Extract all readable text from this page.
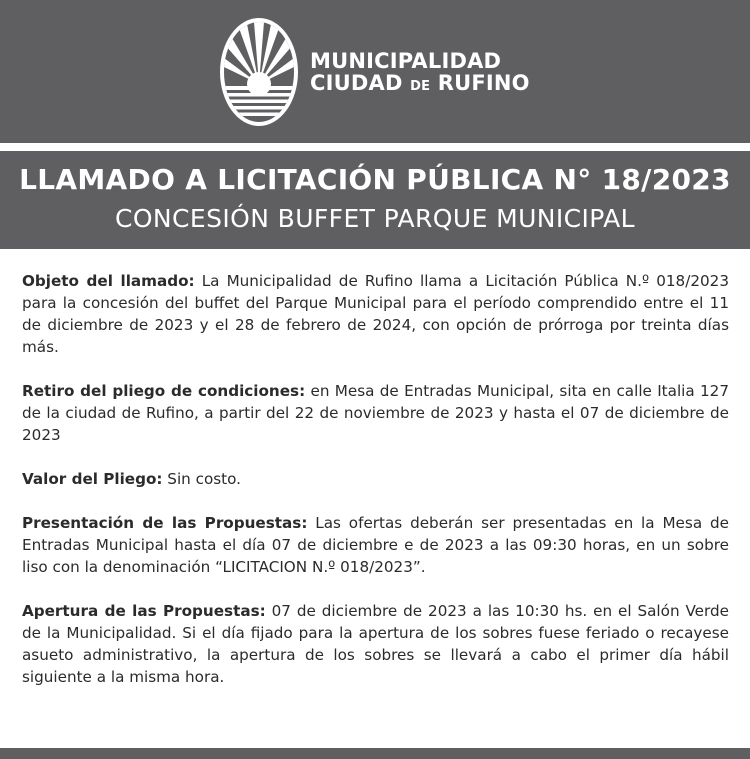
MUNICIPALIDAD
CIUDAD DE RUFINO
LLAMADO A LICITACIÓN PÚBLICA N° 18/2023
CONCESIÓN BUFFET PARQUE MUNICIPAL

Objeto del llamado: La Municipalidad de Rufino llama a Licitación Pública N.º 018/2023 para la concesión del buffet del Parque Municipal para el período comprendido entre el 11 de diciembre de 2023 y el 28 de febrero de 2024, con opción de prórroga por treinta días más.

Retiro del pliego de condiciones: en Mesa de Entradas Municipal, sita en calle Italia 127 de la ciudad de Rufino, a partir del 22 de noviembre de 2023 y hasta el 07 de diciembre de 2023

Valor del Pliego: Sin costo.

Presentación de las Propuestas: Las ofertas deberán ser presentadas en la Mesa de Entradas Municipal hasta el día 07 de diciembre e de 2023 a las 09:30 horas, en un sobre liso con la denominación “LICITACION N.º 018/2023”.

Apertura de las Propuestas: 07 de diciembre de 2023 a las 10:30 hs. en el Salón Verde de la Municipalidad. Si el día fijado para la apertura de los sobres fuese feriado o recayese asueto administrativo, la apertura de los sobres se llevará a cabo el primer día hábil siguiente a la misma hora.
